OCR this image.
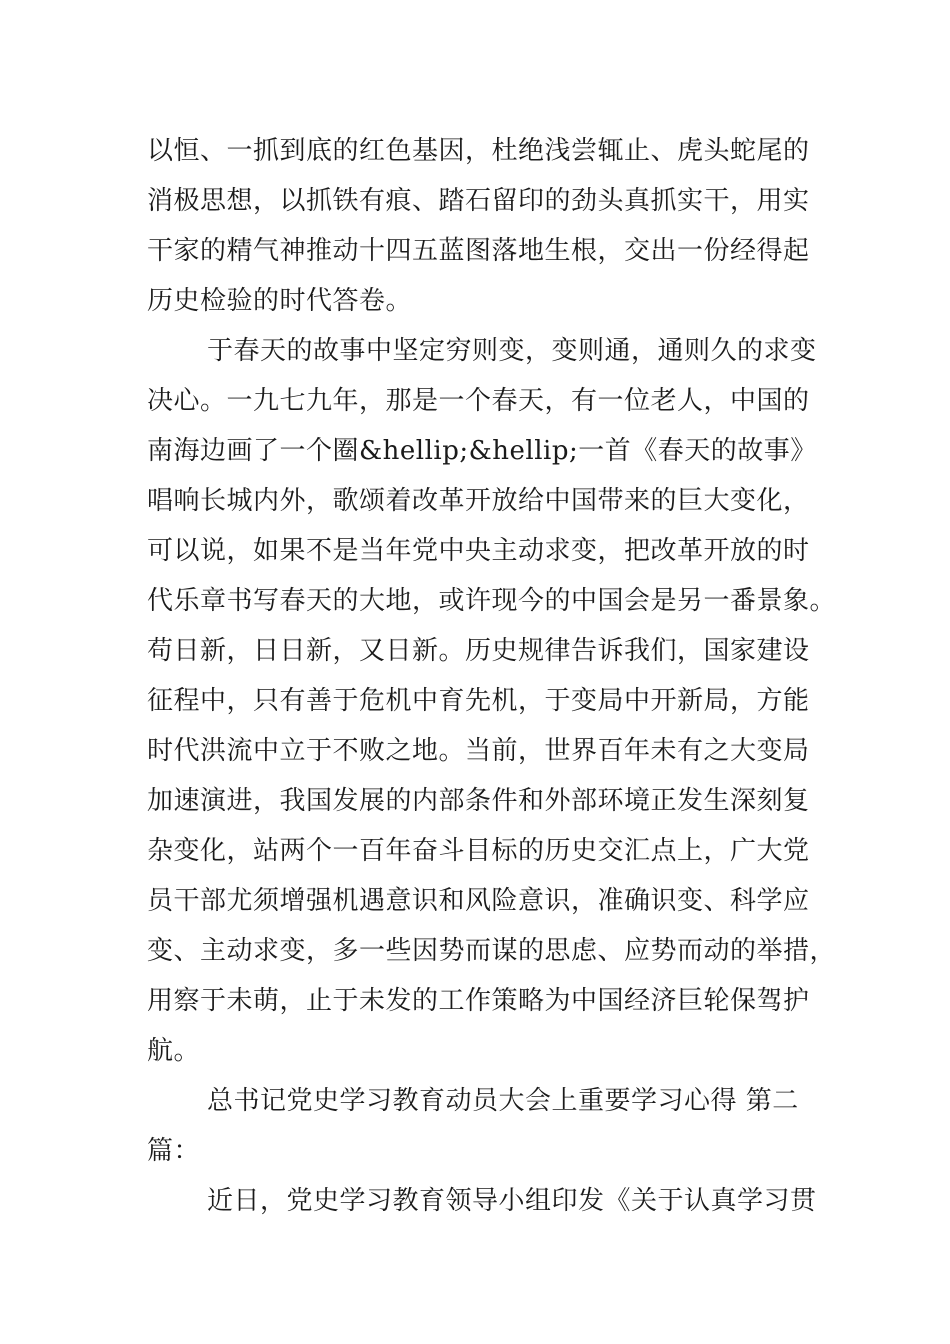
以恒、一抓到底的红色基因，杜绝浅尝辄止、虎头蛇尾的
消极思想，以抓铁有痕、踏石留印的劲头真抓实干，用实
干家的精气神推动十四五蓝图落地生根，交出一份经得起
历史检验的时代答卷。
于春天的故事中坚定穷则变，变则通，通则久的求变
决心。一九七九年，那是一个春天，有一位老人，中国的
南海边画了一个圈&hellip;&hellip;一首《春天的故事》
唱响长城内外，歌颂着改革开放给中国带来的巨大变化，
可以说，如果不是当年党中央主动求变，把改革开放的时
代乐章书写春天的大地，或许现今的中国会是另一番景象。
苟日新，日日新，又日新。历史规律告诉我们，国家建设
征程中，只有善于危机中育先机，于变局中开新局，方能
时代洪流中立于不败之地。当前，世界百年未有之大变局
加速演进，我国发展的内部条件和外部环境正发生深刻复
杂变化，站两个一百年奋斗目标的历史交汇点上，广大党
员干部尤须增强机遇意识和风险意识，准确识变、科学应
变、主动求变，多一些因势而谋的思虑、应势而动的举措，
用察于未萌，止于未发的工作策略为中国经济巨轮保驾护
航。
总书记党史学习教育动员大会上重要学习心得 第二
篇：
近日，党史学习教育领导小组印发《关于认真学习贯
